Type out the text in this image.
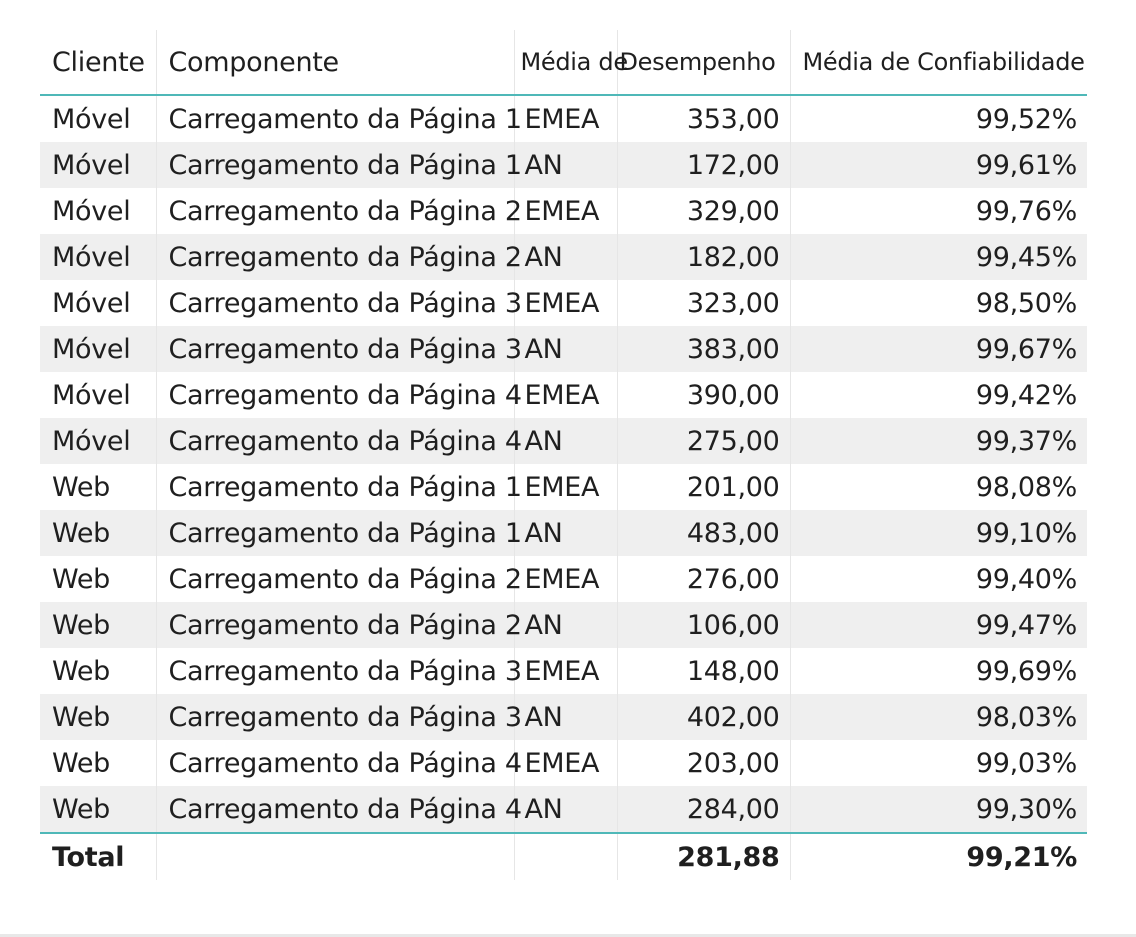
Cliente	Componente	Média de	Desempenho	Média de Confiabilidade
Móvel	Carregamento da Página 1	EMEA	353,00	99,52%
Móvel	Carregamento da Página 1	AN	172,00	99,61%
Móvel	Carregamento da Página 2	EMEA	329,00	99,76%
Móvel	Carregamento da Página 2	AN	182,00	99,45%
Móvel	Carregamento da Página 3	EMEA	323,00	98,50%
Móvel	Carregamento da Página 3	AN	383,00	99,67%
Móvel	Carregamento da Página 4	EMEA	390,00	99,42%
Móvel	Carregamento da Página 4	AN	275,00	99,37%
Web	Carregamento da Página 1	EMEA	201,00	98,08%
Web	Carregamento da Página 1	AN	483,00	99,10%
Web	Carregamento da Página 2	EMEA	276,00	99,40%
Web	Carregamento da Página 2	AN	106,00	99,47%
Web	Carregamento da Página 3	EMEA	148,00	99,69%
Web	Carregamento da Página 3	AN	402,00	98,03%
Web	Carregamento da Página 4	EMEA	203,00	99,03%
Web	Carregamento da Página 4	AN	284,00	99,30%
Total			281,88	99,21%
